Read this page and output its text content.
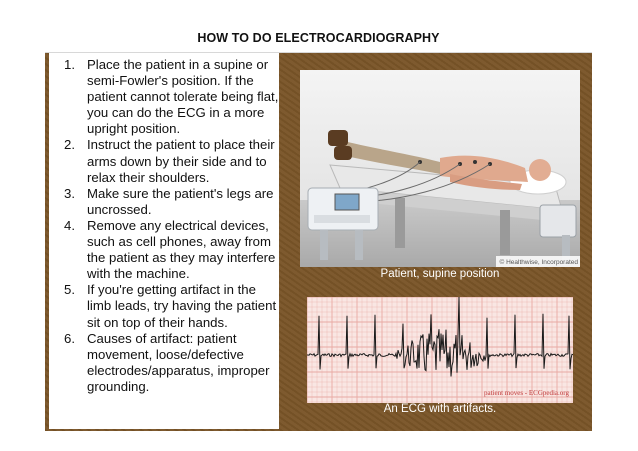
HOW TO DO ELECTROCARDIOGRAPHY
1. Place the patient in a supine or
semi-Fowler's position. If the
patient cannot tolerate being flat,
you can do the ECG in a more
upright position.
2. Instruct the patient to place their
arms down by their side and to
relax their shoulders.
3. Make sure the patient's legs are
uncrossed.
4. Remove any electrical devices,
such as cell phones, away from
the patient as they may interfere
with the machine.
5. If you're getting artifact in the
limb leads, try having the patient
sit on top of their hands.
6. Causes of artifact: patient
movement, loose/defective
electrodes/apparatus, improper
grounding.
© Healthwise, Incorporated
Patient, supine position
patient moves - ECGpedia.org
An ECG with artifacts.
